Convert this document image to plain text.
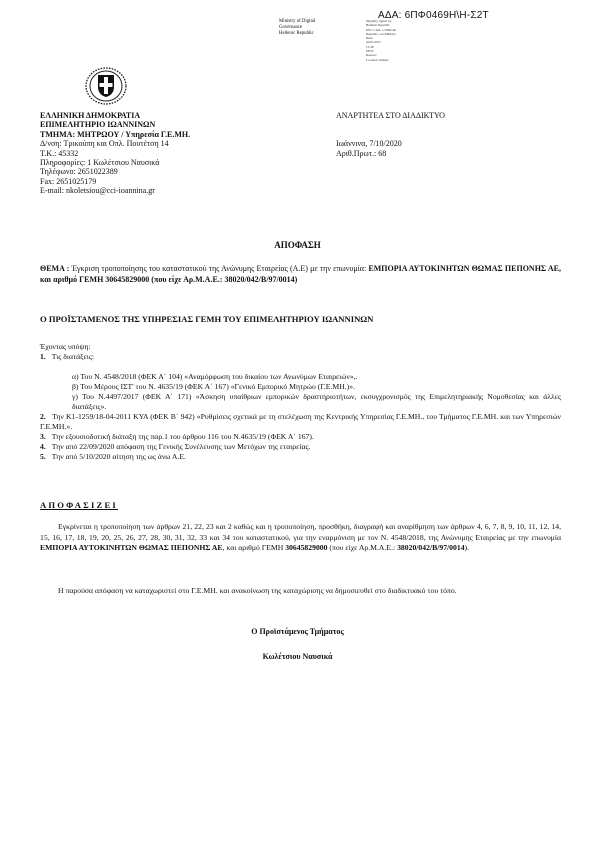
ΑΔΑ: 6ΠΦ0469Η\Η-Σ2Τ
Ministry of Digital
Governance
Hellenic Republic
Digitally signed by
Hellenic Republic
DN: c=GR, o=Hellenic
Republic, ou=Ministry
Date:
2020.10.07
15:48
EEST
Reason:
Location: Athens
ΕΛΛΗΝΙΚΗ ΔΗΜΟΚΡΑΤΙΑ
ΕΠΙΜΕΛΗΤΗΡΙΟ ΙΩΑΝΝΙΝΩΝ
ΤΜΗΜΑ: ΜΗΤΡΩΟΥ / Υπηρεσία Γ.Ε.ΜΗ.
Δ/νση: Τρικούπη και Οπλ. Πουτέτση 14
Τ.Κ.: 45332
Πληροφορίες: 1 Κωλέτσιου Ναυσικά
Τηλέφωνο: 2651022389
Fax: 2651025179
E-mail: nkoletsiou@cci-ioannina.gr
ΑΝΑΡΤΗΤΕΑ ΣΤΟ ΔΙΑΔΙΚΤΥΟ
Ιωάννινα, 7/10/2020
Αριθ.Πρωτ.: 68
ΑΠΟΦΑΣΗ
ΘΕΜΑ : Έγκριση τροποποίησης του καταστατικού της Ανώνυμης Εταιρείας (Α.Ε) με την επωνυμία: ΕΜΠΟΡΙΑ ΑΥΤΟΚΙΝΗΤΩΝ ΘΩΜΑΣ ΠΕΠΟΝΗΣ ΑΕ, και αριθμό ΓΕΜΗ 30645829000 (που είχε Αρ.Μ.Α.Ε.: 38020/042/Β/97/0014)
Ο ΠΡΟΪΣΤΑΜΕΝΟΣ ΤΗΣ ΥΠΗΡΕΣΙΑΣ ΓΕΜΗ ΤΟΥ ΕΠΙΜΕΛΗΤΗΡΙΟΥ ΙΩΑΝΝΙΝΩΝ

Έχοντας υπόψη:

1. Τις διατάξεις:

α) Του Ν. 4548/2018 (ΦΕΚ Α΄ 104) «Αναμόρφωση του δικαίου των Ανωνύμων Εταιρειών»,.

β) Του Μέρους ΙΣΤ' του Ν. 4635/19 (ΦΕΚ Α΄ 167) «Γενικό Εμπορικό Μητρώο (Γ.Ε.ΜΗ.)».

γ) Του Ν.4497/2017 (ΦΕΚ Α΄ 171) «Άσκηση υπαίθριων εμπορικών δραστηριοτήτων, εκσυγχρονισμός της Επιμελητηριακής Νομοθεσίας και άλλες διατάξεις».

2. Την Κ1-1259/18-04-2011 ΚΥΑ (ΦΕΚ Β΄ 942) «Ρυθμίσεις σχετικά με τη στελέχωση της Κεντρικής Υπηρεσίας Γ.Ε.ΜΗ., του Τμήματος Γ.Ε.ΜΗ. και των Υπηρεσιών Γ.Ε.ΜΗ.».

3. Την εξουσιοδοτική διάταξη της παρ.1 του άρθρου 116 του Ν.4635/19 (ΦΕΚ Α΄ 167).

4. Την από 22/09/2020 απόφαση της Γενικής Συνέλευσης των Μετόχων της εταιρείας.

5. Την από 5/10/2020 αίτηση της ως άνω Α.Ε.

ΑΠΟΦΑΣΙΖΕΙ
Εγκρίνεται η τροποποίηση των άρθρων 21, 22, 23 και 2 καθώς και η τροποποίηση, προσθήκη, διαγραφή και αναρίθμηση των άρθρων 4, 6, 7, 8, 9, 10, 11, 12, 14, 15, 16, 17, 18, 19, 20, 25, 26, 27, 28, 30, 31, 32, 33 και 34 του καταστατικού, για την εναρμόνιση με τον Ν. 4548/2018, της Ανώνυμης Εταιρείας με την επωνυμία ΕΜΠΟΡΙΑ ΑΥΤΟΚΙΝΗΤΩΝ ΘΩΜΑΣ ΠΕΠΟΝΗΣ ΑΕ, και αριθμό ΓΕΜΗ 30645829000 (που είχε Αρ.Μ.Α.Ε.: 38020/042/Β/97/0014).
Η παρούσα απόφαση να καταχωριστεί στο Γ.Ε.ΜΗ. και ανακοίνωση της καταχώρισης να δημοσιευθεί στο διαδικτυακό του τόπο.
Ο Προϊστάμενος Τμήματος
Κωλέτσιου Ναυσικά
